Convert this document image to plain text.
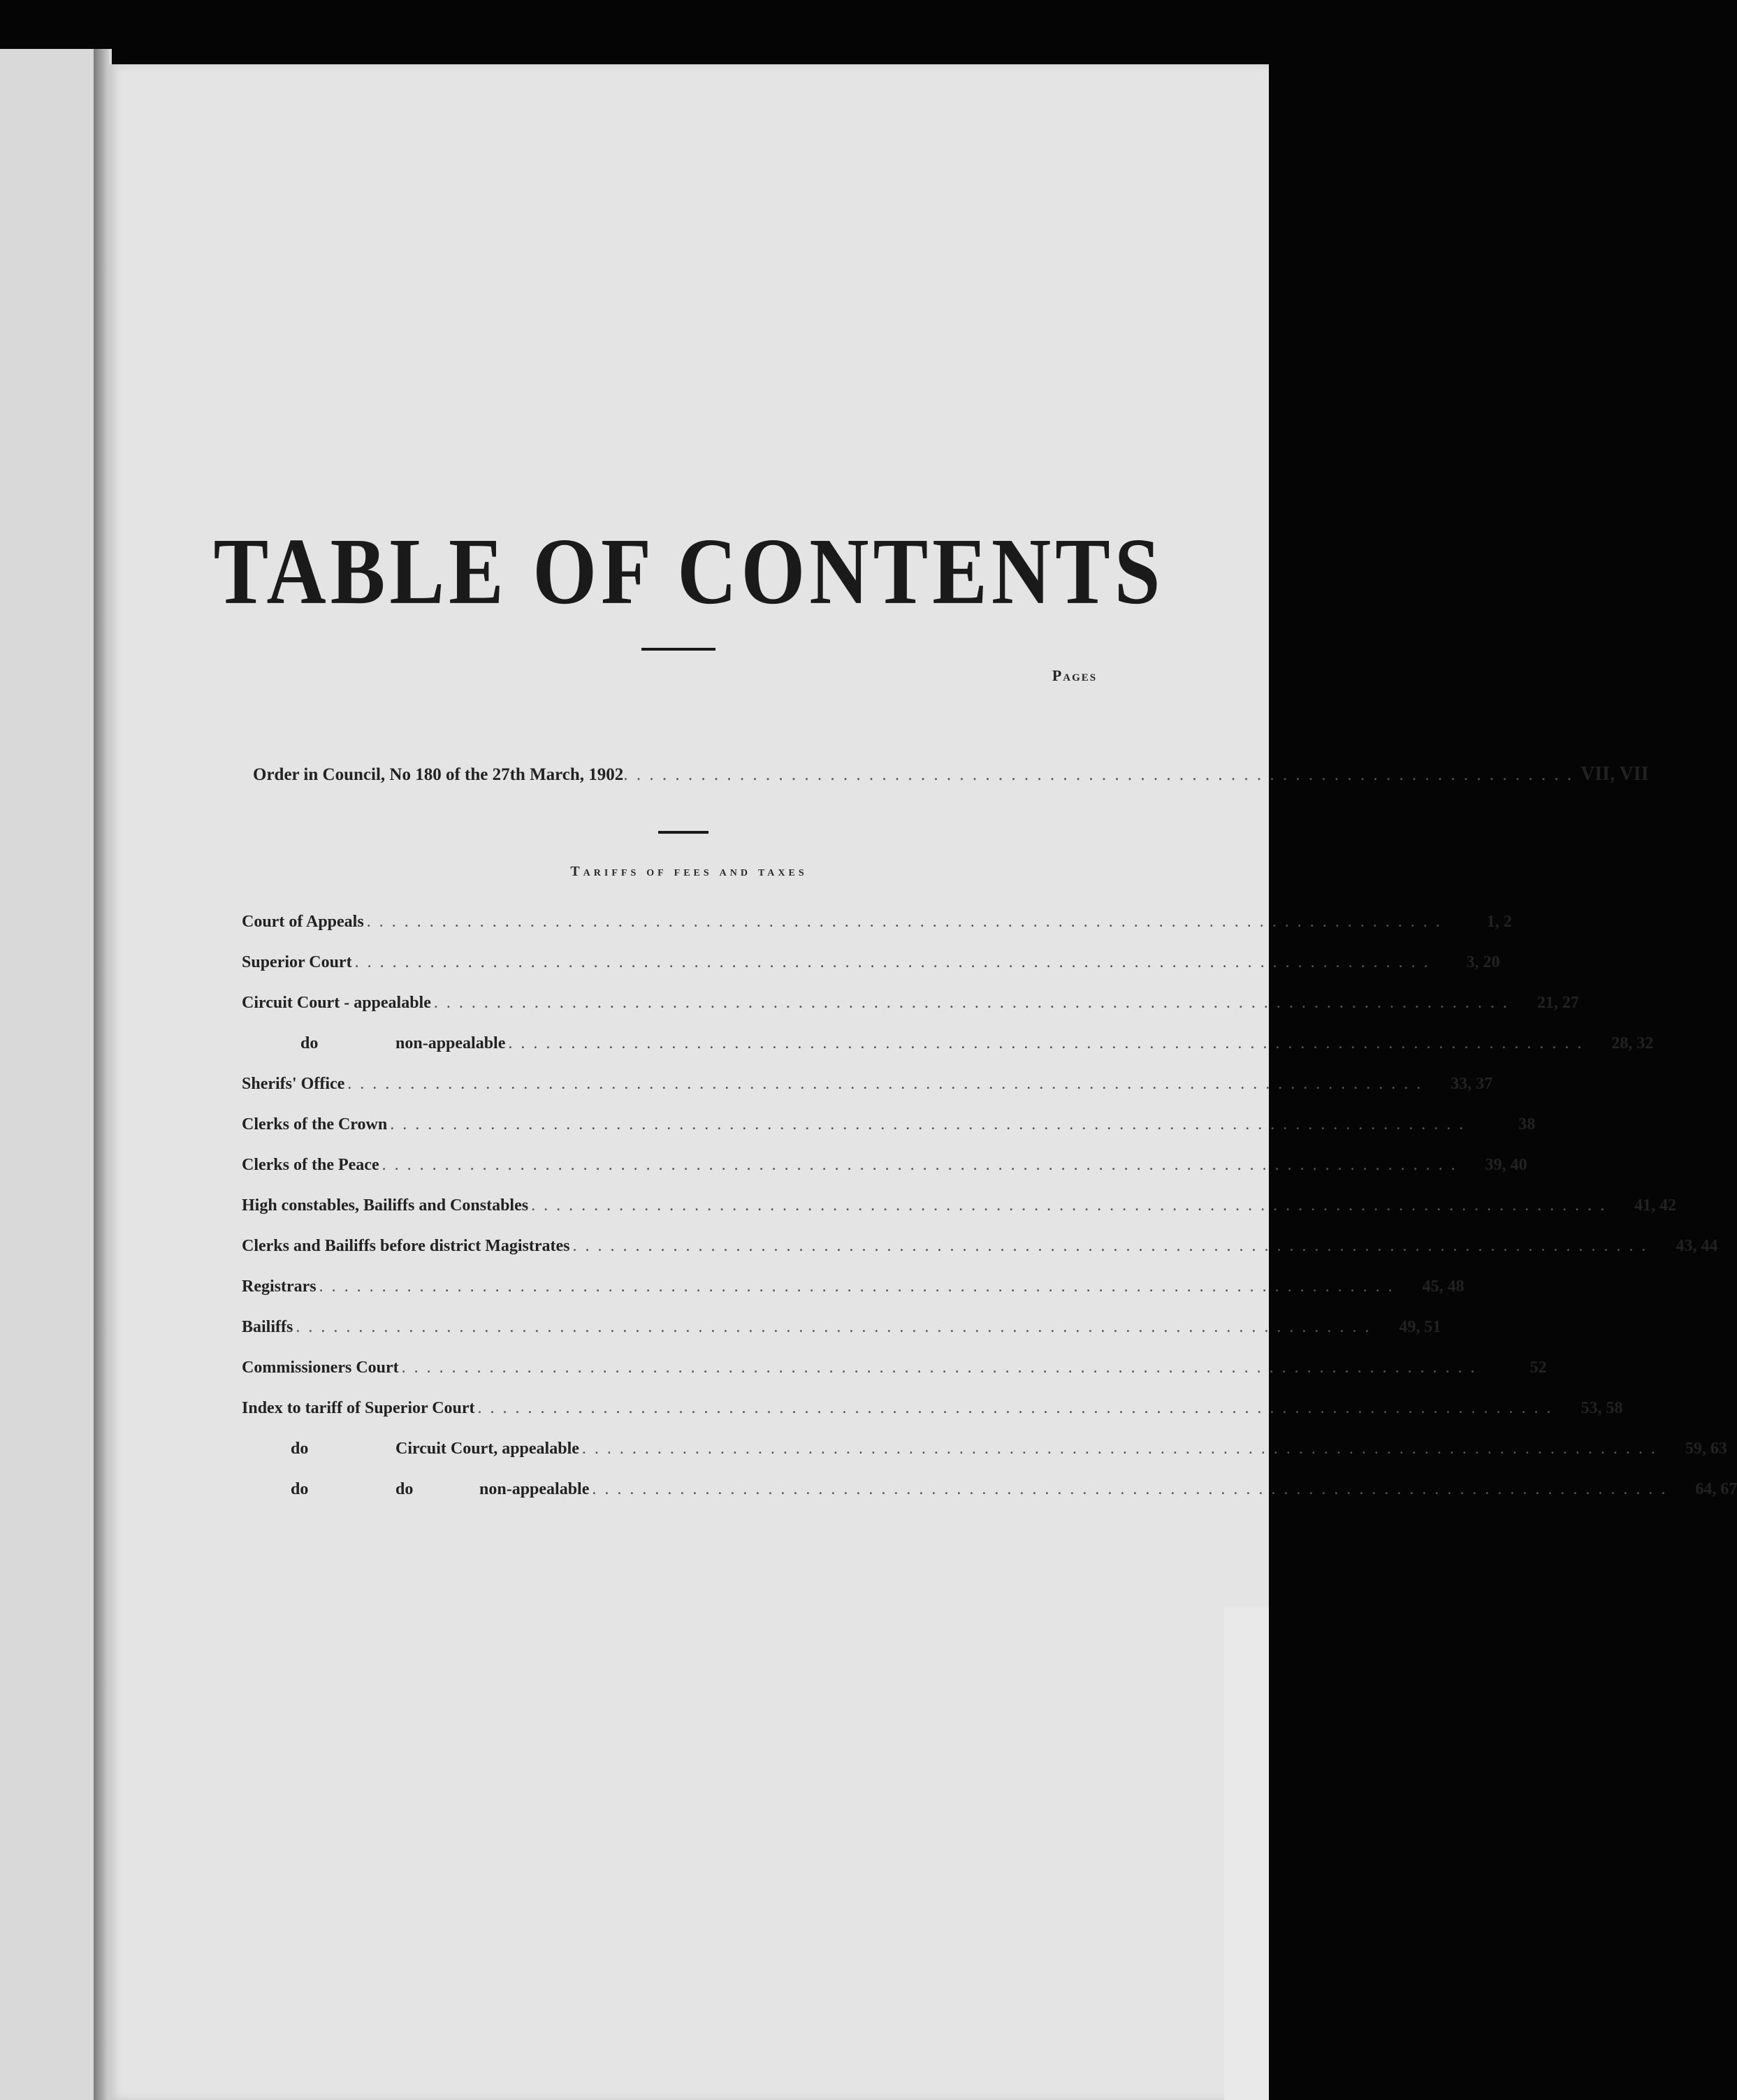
TABLE OF CONTENTS
Pages
Order in Council, No 180 of the 27th March, 1902 . . . . . . . . . . . . . . . . . . . . . . . . . . . . . . . . . . . . . . . . . . . . . . . . . . . . . . . . . . . . . . . . . . . . . . . . . . VII, VII
Tariffs of fees and taxes
Court of Appeals . . . . . . . . . . . . . . . . . . . . . . . . . . . . . . . . . . . . . . . . . . . . . . . . . . . . . . . . . . . . . . . . . . . . . . . . . . . . . . . . . . . . . .	1, 2
Superior Court . . . . . . . . . . . . . . . . . . . . . . . . . . . . . . . . . . . . . . . . . . . . . . . . . . . . . . . . . . . . . . . . . . . . . . . . . . . . . . . . . . . . . .	3, 20
Circuit Court - appealable . . . . . . . . . . . . . . . . . . . . . . . . . . . . . . . . . . . . . . . . . . . . . . . . . . . . . . . . . . . . . . . . . . . . . . . . . . . . . . . . . . . . . .	21, 27
do	non-appealable . . . . . . . . . . . . . . . . . . . . . . . . . . . . . . . . . . . . . . . . . . . . . . . . . . . . . . . . . . . . . . . . . . . . . . . . . . . . . . . . . . . . . .	28, 32
Sherifs' Office . . . . . . . . . . . . . . . . . . . . . . . . . . . . . . . . . . . . . . . . . . . . . . . . . . . . . . . . . . . . . . . . . . . . . . . . . . . . . . . . . . . . . .	33, 37
Clerks of the Crown . . . . . . . . . . . . . . . . . . . . . . . . . . . . . . . . . . . . . . . . . . . . . . . . . . . . . . . . . . . . . . . . . . . . . . . . . . . . . . . . . . . . . .	38
Clerks of the Peace . . . . . . . . . . . . . . . . . . . . . . . . . . . . . . . . . . . . . . . . . . . . . . . . . . . . . . . . . . . . . . . . . . . . . . . . . . . . . . . . . . . . . .	39, 40
High constables, Bailiffs and Constables . . . . . . . . . . . . . . . . . . . . . . . . . . . . . . . . . . . . . . . . . . . . . . . . . . . . . . . . . . . . . . . . . . . . . . . . . . . . . . . . . . . . . .	41, 42
Clerks and Bailiffs before district Magistrates . . . . . . . . . . . . . . . . . . . . . . . . . . . . . . . . . . . . . . . . . . . . . . . . . . . . . . . . . . . . . . . . . . . . . . . . . . . . . . . . . . . . . .	43, 44
Registrars . . . . . . . . . . . . . . . . . . . . . . . . . . . . . . . . . . . . . . . . . . . . . . . . . . . . . . . . . . . . . . . . . . . . . . . . . . . . . . . . . . . . . .	45, 48
Bailiffs . . . . . . . . . . . . . . . . . . . . . . . . . . . . . . . . . . . . . . . . . . . . . . . . . . . . . . . . . . . . . . . . . . . . . . . . . . . . . . . . . . . . . .	49, 51
Commissioners Court . . . . . . . . . . . . . . . . . . . . . . . . . . . . . . . . . . . . . . . . . . . . . . . . . . . . . . . . . . . . . . . . . . . . . . . . . . . . . . . . . . . . . .	52
Index to tariff of Superior Court . . . . . . . . . . . . . . . . . . . . . . . . . . . . . . . . . . . . . . . . . . . . . . . . . . . . . . . . . . . . . . . . . . . . . . . . . . . . . . . . . . . . . .	53, 58
do	Circuit Court, appealable . . . . . . . . . . . . . . . . . . . . . . . . . . . . . . . . . . . . . . . . . . . . . . . . . . . . . . . . . . . . . . . . . . . . . . . . . . . . . . . . . . . . . .	59, 63
do	do	non-appealable . . . . . . . . . . . . . . . . . . . . . . . . . . . . . . . . . . . . . . . . . . . . . . . . . . . . . . . . . . . . . . . . . . . . . . . . . . . . . . . . . . . . . .	64, 67
